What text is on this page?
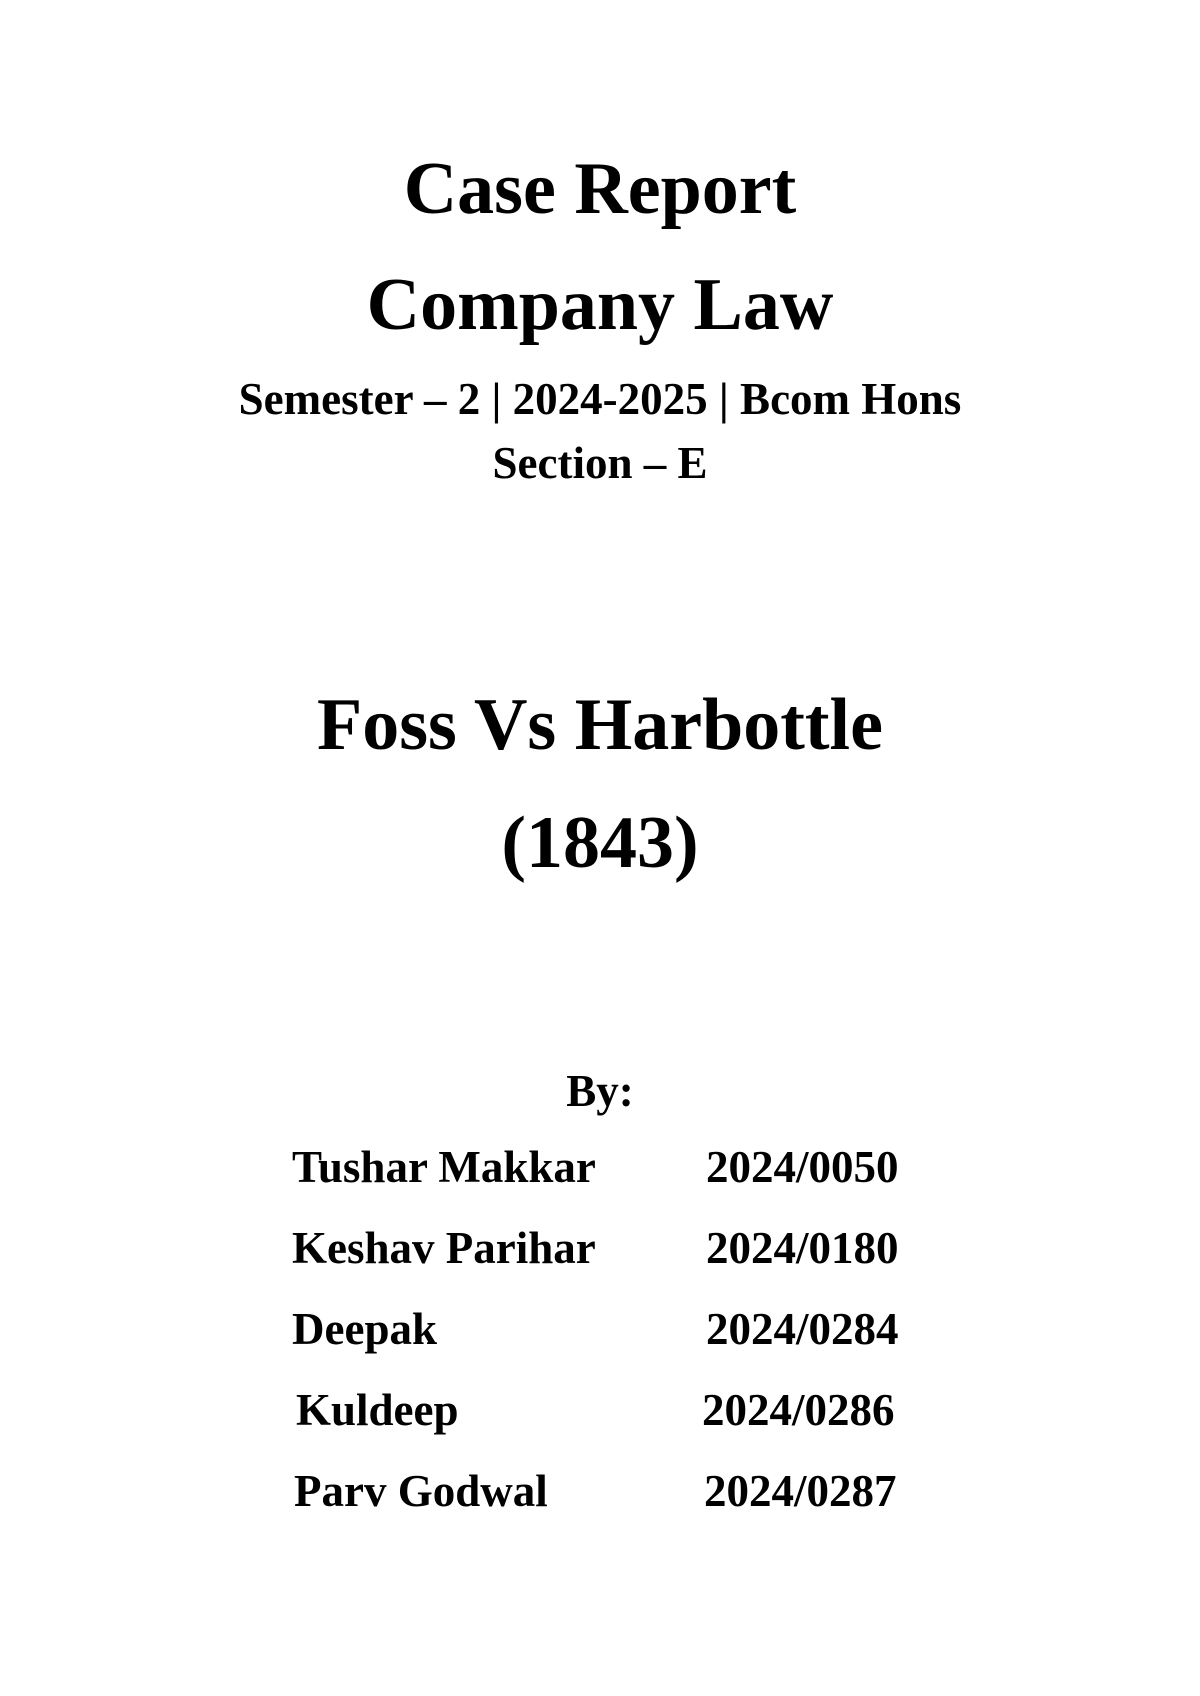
Case Report
Company Law
Semester – 2 | 2024-2025 | Bcom Hons
Section – E
Foss Vs Harbottle
(1843)
By:
Tushar Makkar 2024/0050
Keshav Parihar 2024/0180
Deepak	2024/0284
Kuldeep	2024/0286
Parv Godwal	2024/0287
